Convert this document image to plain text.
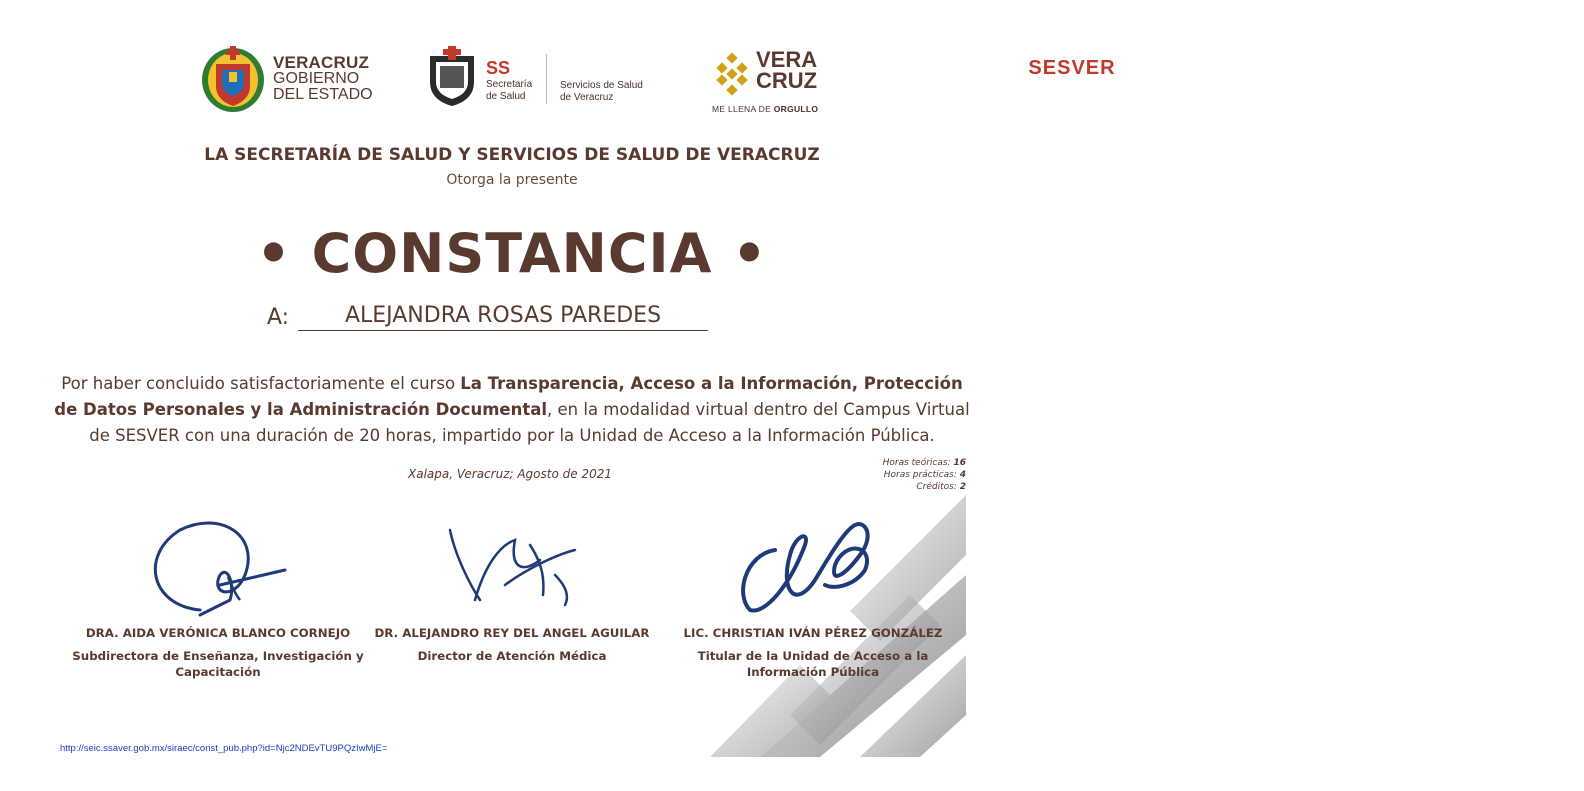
VERACRUZ
GOBIERNO
DEL ESTADO
SS
Secretaría
de Salud
SESVER
Servicios de Salud
de Veracruz
VERA
CRUZ
ME LLENA DE ORGULLO
LA SECRETARÍA DE SALUD Y SERVICIOS DE SALUD DE VERACRUZ
Otorga la presente
• CONSTANCIA •
A:	ALEJANDRA ROSAS PAREDES
Por haber concluido satisfactoriamente el curso La Transparencia, Acceso a la Información, Protección de Datos Personales y la Administración Documental, en la modalidad virtual dentro del Campus Virtual de SESVER con una duración de 20 horas, impartido por la Unidad de Acceso a la Información Pública.
Xalapa, Veracruz; Agosto de 2021
Horas teóricas: 16
Horas prácticas: 4
Créditos: 2
DRA. AIDA VERÓNICA BLANCO CORNEJO
Subdirectora de Enseñanza, Investigación y Capacitación
DR. ALEJANDRO REY DEL ANGEL AGUILAR
Director de Atención Médica
LIC. CHRISTIAN IVÁN PÉREZ GONZÁLEZ
Titular de la Unidad de Acceso a la Información Pública
http://seic.ssaver.gob.mx/siraec/const_pub.php?id=Njc2NDEvTU9PQzIwMjE=
